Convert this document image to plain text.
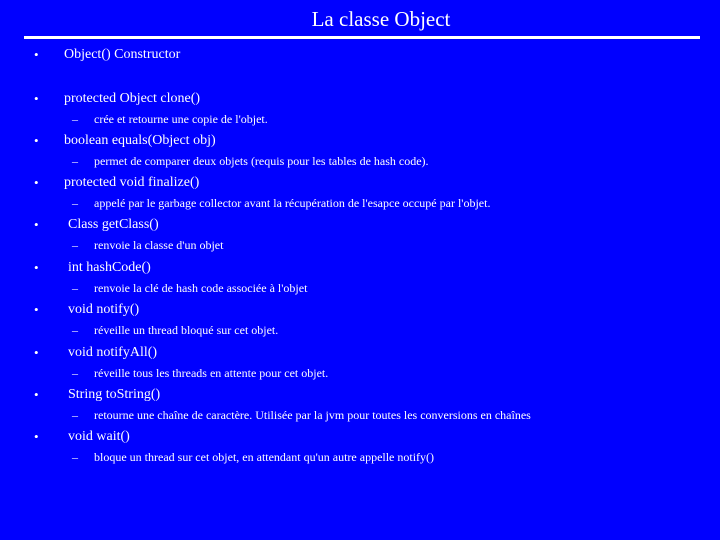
La classe Object
• Object() Constructor
• protected Object clone()
– crée et retourne une copie de l'objet.
• boolean equals(Object obj)
– permet de comparer deux objets (requis pour les tables de hash code).
• protected void finalize()
– appelé par le garbage collector avant la récupération de l'esapce occupé par l'objet.
• Class getClass()
– renvoie la classe d'un objet
• int hashCode()
– renvoie la clé de hash code associée à l'objet
• void notify()
– réveille un thread bloqué sur cet objet.
• void notifyAll()
– réveille tous les threads en attente pour cet objet.
• String toString()
– retourne une chaîne de caractère. Utilisée par la jvm pour toutes les conversions en chaînes
• void wait()
– bloque un thread sur cet objet, en attendant qu'un autre appelle notify()
